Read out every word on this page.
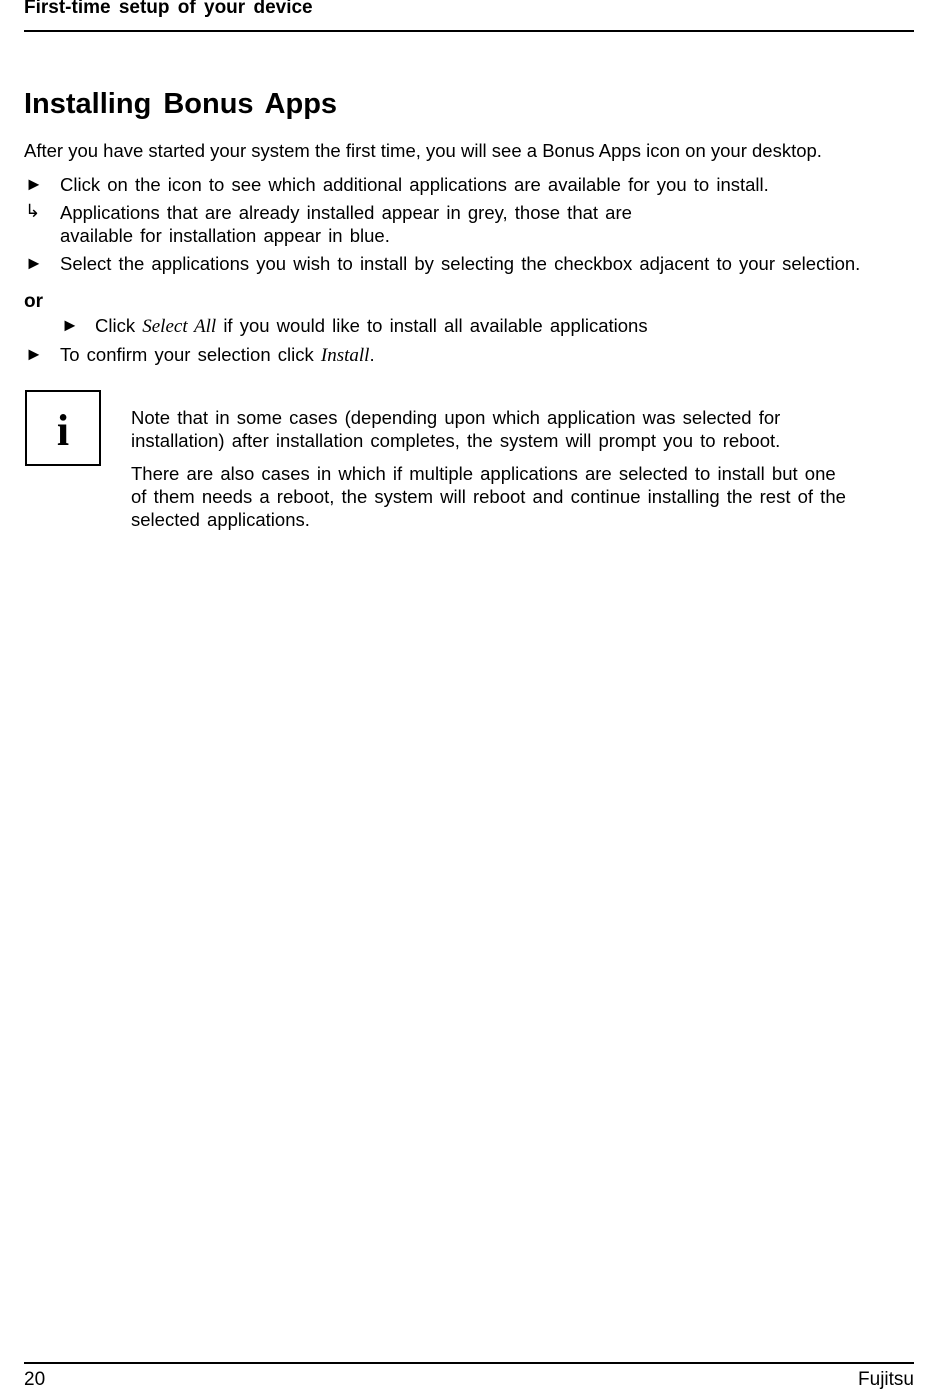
First-time setup of your device
Installing Bonus Apps

After you have started your system the first time, you will see a Bonus Apps icon on your desktop.

► Click on the icon to see which additional applications are available for you to install.
↳ Applications that are already installed appear in grey, those that are
available for installation appear in blue.
► Select the applications you wish to install by selecting the checkbox adjacent to your selection.
or
► Click Select All if you would like to install all available applications
► To confirm your selection click Install.
i	Note that in some cases (depending upon which application was selected for installation) after installation completes, the system will prompt you to reboot.

There are also cases in which if multiple applications are selected to install but one of them needs a reboot, the system will reboot and continue installing the rest of the selected applications.

20	Fujitsu
